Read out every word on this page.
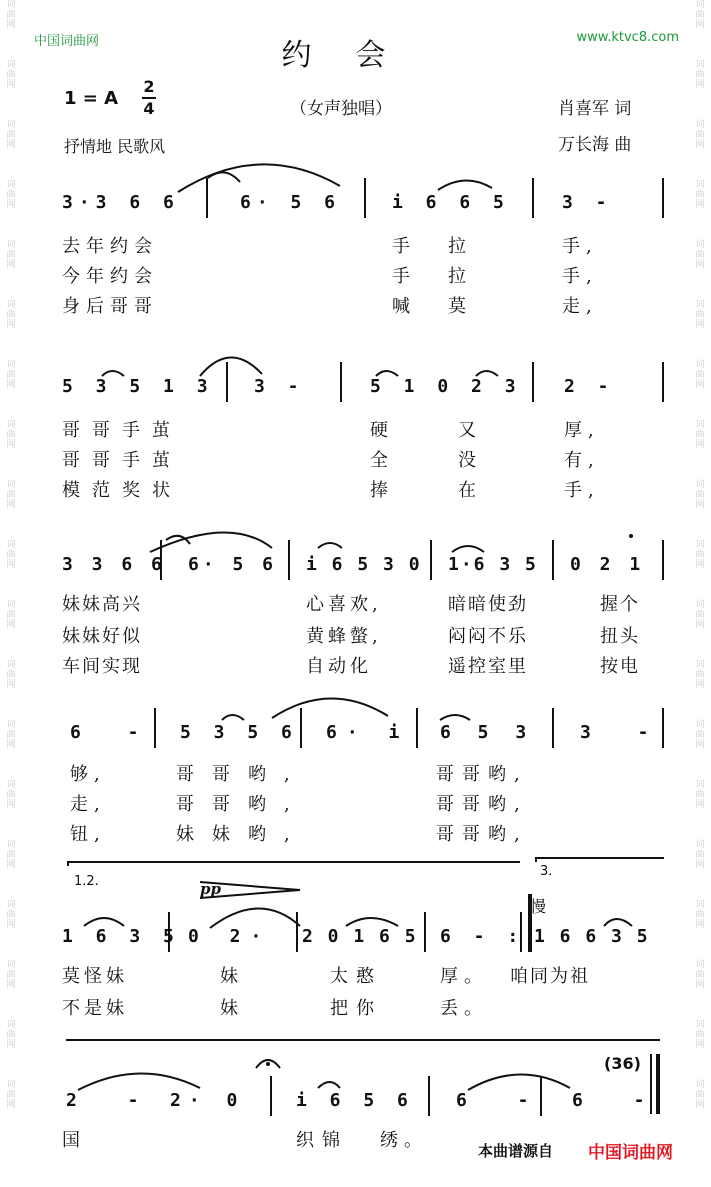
词
曲
网
词
曲
网
词
曲
网
词
曲
网
词
曲
网
词
曲
网
词
曲
网
词
曲
网
词
曲
网
词
曲
网
词
曲
网
词
曲
网
词
曲
网
词
曲
网
词
曲
网
词
曲
网
词
曲
网
词
曲
网
词
曲
网
词
曲
网
词
曲
网
词
曲
网
词
曲
网
词
曲
网
词
曲
网
词
曲
网
词
曲
网
词
曲
网
词
曲
网
词
曲
网
词
曲
网
词
曲
网
词
曲
网
词
曲
网
词
曲
网
词
曲
网
词
曲
网
词
曲
网
中国词曲网	www.ktvc8.com
约会
1 = A
2
4	（女声独唱）	肖喜军 词
万长海 曲
抒情地 民歌风
3·3 6 6	6· 5 6	i 6 6 5	3 -
去年约会	手拉	手,
今年约会	手拉	手,
身后哥哥	喊莫	走,
5 3 5 1 3 3 -	5 1 0 2 3 2 -
哥哥手茧	硬又 厚,
哥哥手茧	全没 有,
模范奖状	捧在 手,
3 3 6 6 6· 5 6 i 6 5 3 0 1·6 3 5 0 2 1
妹妹高兴	心喜欢,	暗暗使劲	握个
妹妹好似	黄蜂螫,	闷闷不乐	扭头
车间实现	自动化	遥控室里	按电
6 - 5 3 5 6 6· i 6 5 3	3 -
够,	哥哥哟,	哥哥哟,
走,	哥哥哟,	哥哥哟,
钮,	妹妹哟,	哥哥哟,
1.2.
3.
pp
慢
1 6 3 5 0 2· 2 0 1 6 5 6 - : 1 6 6 3 5
莫怪妹	妹	太憨	厚。 咱同为祖
不是妹	妹	把你	丢。
(36)
2 - 2· 0	i 6 5 6 6 - 6 -
国	织锦 绣。	本曲谱源自 中国词曲网
